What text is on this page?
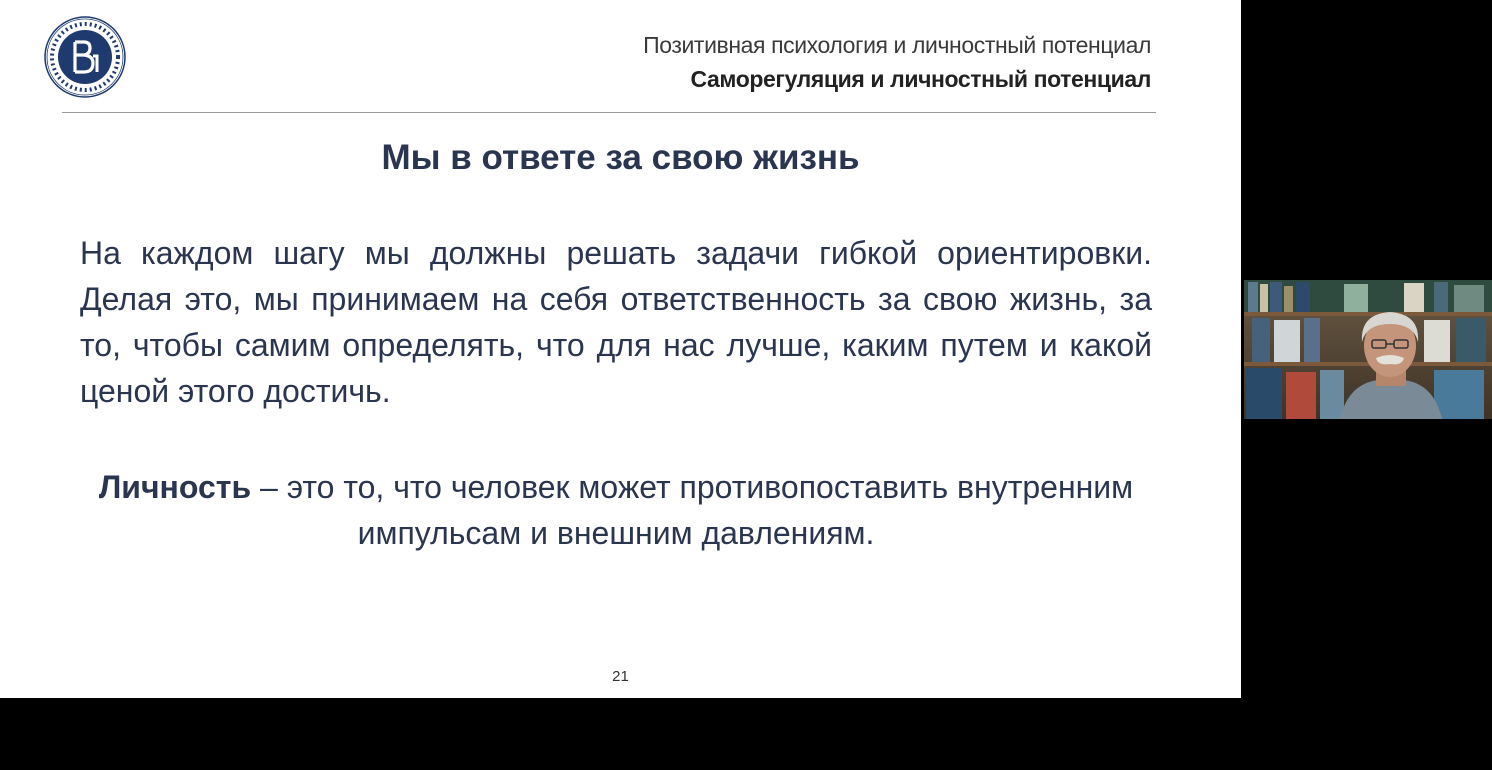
Позитивная психология и личностный потенциал
Саморегуляция и личностный потенциал
Мы в ответе за свою жизнь
На каждом шагу мы должны решать задачи гибкой ориентировки. Делая это, мы принимаем на себя ответственность за свою жизнь, за то, чтобы самим определять, что для нас лучше, каким путем и какой ценой этого достичь.
Личность – это то, что человек может противопоставить внутренним импульсам и внешним давлениям.
21
